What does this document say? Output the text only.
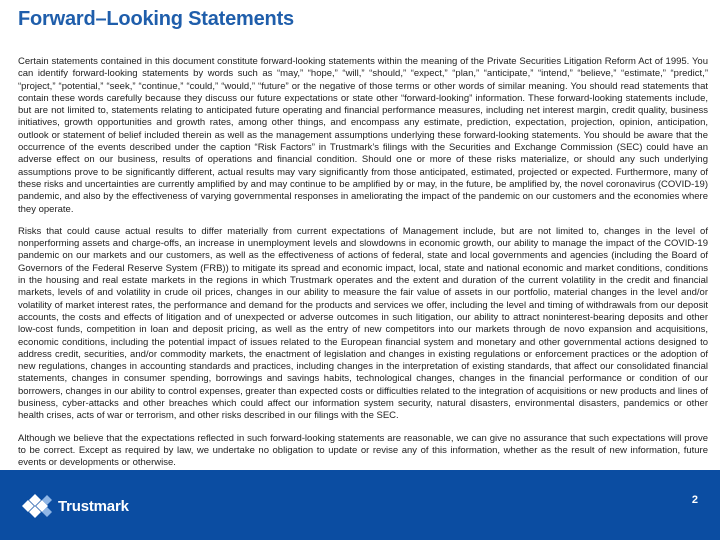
Forward–Looking Statements

Certain statements contained in this document constitute forward-looking statements within the meaning of the Private Securities Litigation Reform Act of 1995. You can identify forward-looking statements by words such as “may,” “hope,” “will,” “should,” “expect,” “plan,” “anticipate,” “intend,” “believe,” “estimate,” “predict,” “project,” “potential,” “seek,” “continue,” “could,” “would,” “future” or the negative of those terms or other words of similar meaning. You should read statements that contain these words carefully because they discuss our future expectations or state other “forward-looking” information. These forward-looking statements include, but are not limited to, statements relating to anticipated future operating and financial performance measures, including net interest margin, credit quality, business initiatives, growth opportunities and growth rates, among other things, and encompass any estimate, prediction, expectation, projection, opinion, anticipation, outlook or statement of belief included therein as well as the management assumptions underlying these forward-looking statements. You should be aware that the occurrence of the events described under the caption “Risk Factors” in Trustmark’s filings with the Securities and Exchange Commission (SEC) could have an adverse effect on our business, results of operations and financial condition. Should one or more of these risks materialize, or should any such underlying assumptions prove to be significantly different, actual results may vary significantly from those anticipated, estimated, projected or expected. Furthermore, many of these risks and uncertainties are currently amplified by and may continue to be amplified by or may, in the future, be amplified by, the novel coronavirus (COVID-19) pandemic, and also by the effectiveness of varying governmental responses in ameliorating the impact of the pandemic on our customers and the economies where they operate.

Risks that could cause actual results to differ materially from current expectations of Management include, but are not limited to, changes in the level of nonperforming assets and charge-offs, an increase in unemployment levels and slowdowns in economic growth, our ability to manage the impact of the COVID-19 pandemic on our markets and our customers, as well as the effectiveness of actions of federal, state and local governments and agencies (including the Board of Governors of the Federal Reserve System (FRB)) to mitigate its spread and economic impact, local, state and national economic and market conditions, conditions in the housing and real estate markets in the regions in which Trustmark operates and the extent and duration of the current volatility in the credit and financial markets, levels of and volatility in crude oil prices, changes in our ability to measure the fair value of assets in our portfolio, material changes in the level and/or volatility of market interest rates, the performance and demand for the products and services we offer, including the level and timing of withdrawals from our deposit accounts, the costs and effects of litigation and of unexpected or adverse outcomes in such litigation, our ability to attract noninterest-bearing deposits and other low-cost funds, competition in loan and deposit pricing, as well as the entry of new competitors into our markets through de novo expansion and acquisitions, economic conditions, including the potential impact of issues related to the European financial system and monetary and other governmental actions designed to address credit, securities, and/or commodity markets, the enactment of legislation and changes in existing regulations or enforcement practices or the adoption of new regulations, changes in accounting standards and practices, including changes in the interpretation of existing standards, that affect our consolidated financial statements, changes in consumer spending, borrowings and savings habits, technological changes, changes in the financial performance or condition of our borrowers, changes in our ability to control expenses, greater than expected costs or difficulties related to the integration of acquisitions or new products and lines of business, cyber-attacks and other breaches which could affect our information system security, natural disasters, environmental disasters, pandemics or other health crises, acts of war or terrorism, and other risks described in our filings with the SEC.

Although we believe that the expectations reflected in such forward-looking statements are reasonable, we can give no assurance that such expectations will prove to be correct. Except as required by law, we undertake no obligation to update or revise any of this information, whether as the result of new information, future events or developments or otherwise.

Trustmark	2
